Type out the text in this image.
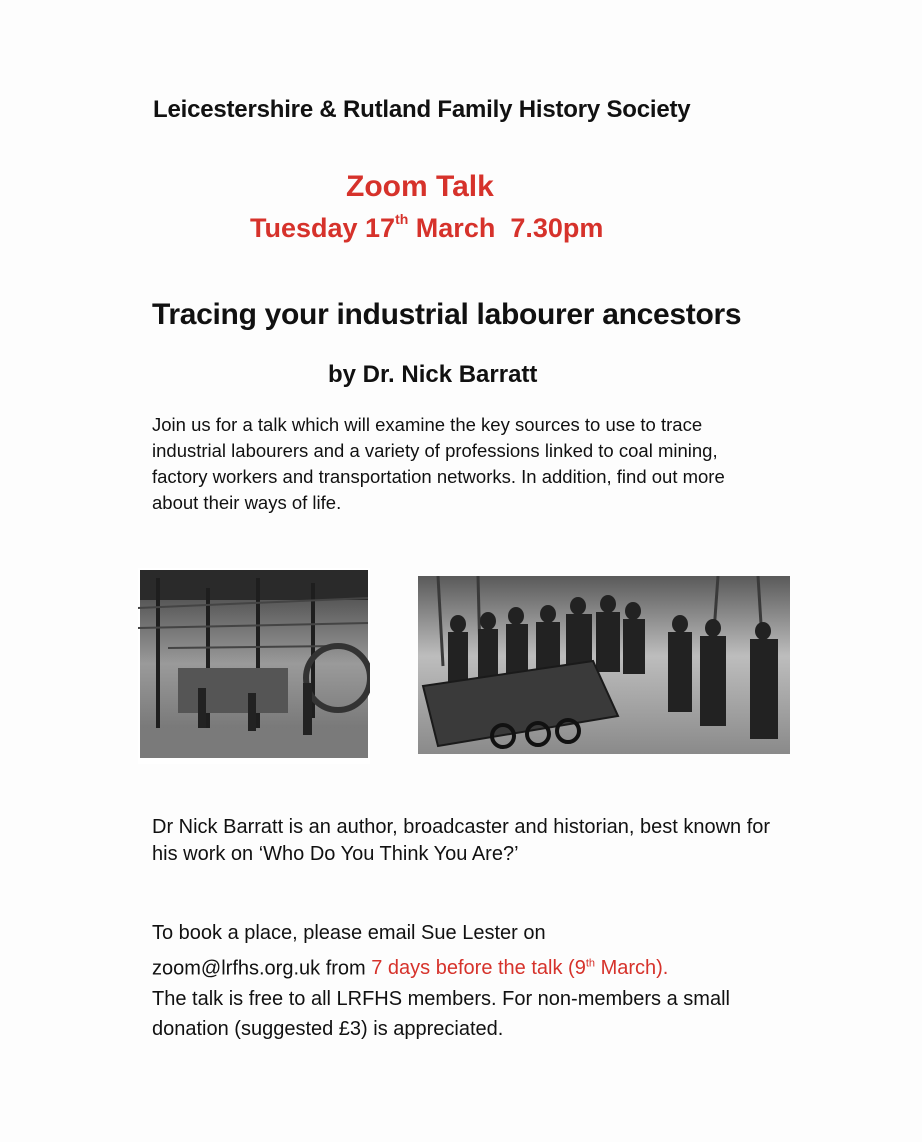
Leicestershire & Rutland Family History Society
Zoom Talk
Tuesday 17th March  7.30pm
Tracing your industrial labourer ancestors
by Dr. Nick Barratt
Join us for a talk which will examine the key sources to use to trace industrial labourers and a variety of professions linked to coal mining, factory workers and transportation networks. In addition, find out more about their ways of life.
Dr Nick Barratt is an author, broadcaster and historian, best known for his work on ‘Who Do You Think You Are?’
To book a place, please email Sue Lester on
zoom@lrfhs.org.uk from 7 days before the talk (9th March).
The talk is free to all LRFHS members. For non-members a small donation (suggested £3) is appreciated.
